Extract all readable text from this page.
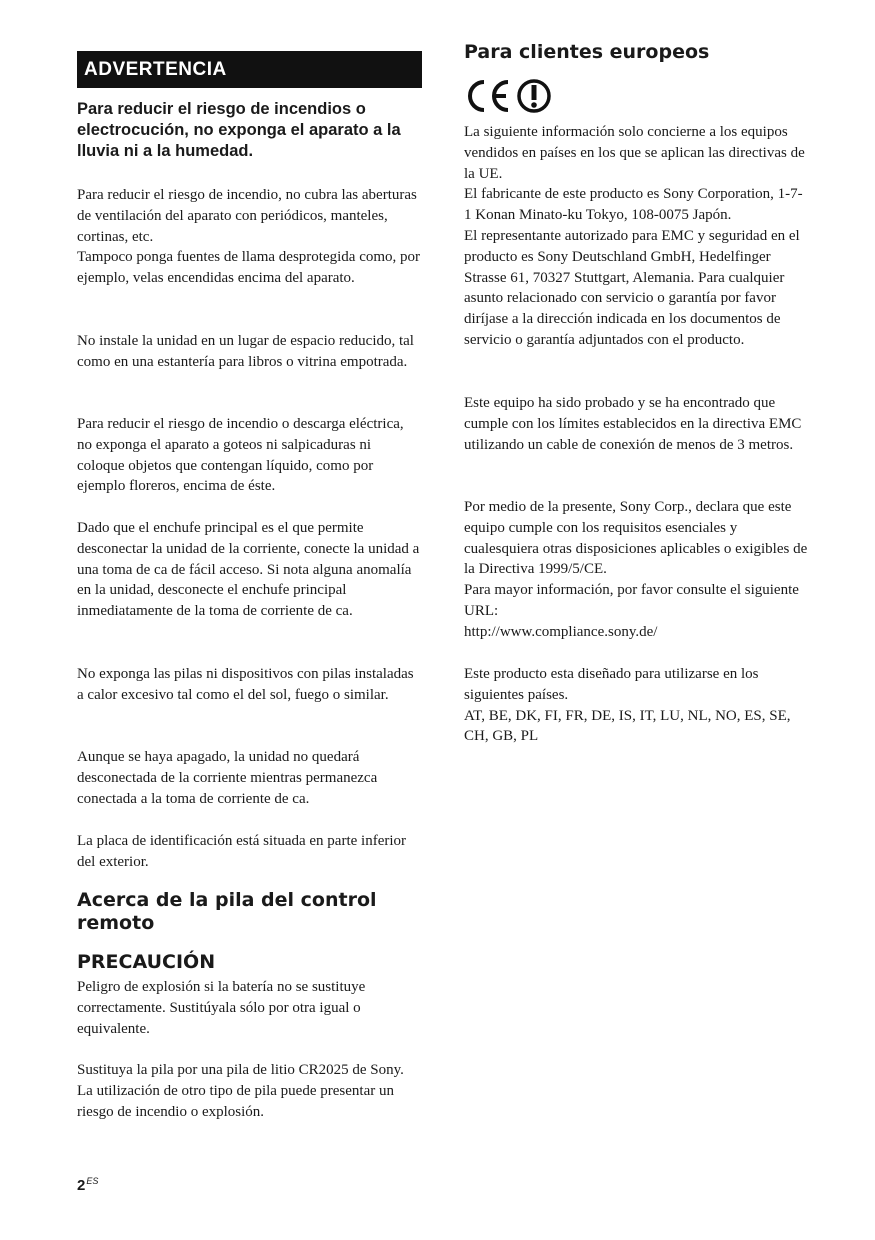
ADVERTENCIA
Para reducir el riesgo de incendios o electrocución, no exponga el aparato a la lluvia ni a la humedad.
Para reducir el riesgo de incendio, no cubra las aberturas de ventilación del aparato con periódicos, manteles, cortinas, etc.
Tampoco ponga fuentes de llama desprotegida como, por ejemplo, velas encendidas encima del aparato.
No instale la unidad en un lugar de espacio reducido, tal como en una estantería para libros o vitrina empotrada.
Para reducir el riesgo de incendio o descarga eléctrica, no exponga el aparato a goteos ni salpicaduras ni coloque objetos que contengan líquido, como por ejemplo floreros, encima de éste.
Dado que el enchufe principal es el que permite desconectar la unidad de la corriente, conecte la unidad a una toma de ca de fácil acceso. Si nota alguna anomalía en la unidad, desconecte el enchufe principal inmediatamente de la toma de corriente de ca.
No exponga las pilas ni dispositivos con pilas instaladas a calor excesivo tal como el del sol, fuego o similar.
Aunque se haya apagado, la unidad no quedará desconectada de la corriente mientras permanezca conectada a la toma de corriente de ca.
La placa de identificación está situada en parte inferior del exterior.
Acerca de la pila del control remoto
PRECAUCIÓN
Peligro de explosión si la batería no se sustituye correctamente. Sustitúyala sólo por otra igual o equivalente.
Sustituya la pila por una pila de litio CR2025 de Sony.
La utilización de otro tipo de pila puede presentar un riesgo de incendio o explosión.
Para clientes europeos
La siguiente información solo concierne a los equipos vendidos en países en los que se aplican las directivas de la UE.
El fabricante de este producto es Sony Corporation, 1-7-1 Konan Minato-ku Tokyo, 108-0075 Japón.
El representante autorizado para EMC y seguridad en el producto es Sony Deutschland GmbH, Hedelfinger Strasse 61, 70327 Stuttgart, Alemania. Para cualquier asunto relacionado con servicio o garantía por favor diríjase a la dirección indicada en los documentos de servicio o garantía adjuntados con el producto.
Este equipo ha sido probado y se ha encontrado que cumple con los límites establecidos en la directiva EMC utilizando un cable de conexión de menos de 3 metros.
Por medio de la presente, Sony Corp., declara que este equipo cumple con los requisitos esenciales y cualesquiera otras disposiciones aplicables o exigibles de la Directiva 1999/5/CE.
Para mayor información, por favor consulte el siguiente URL:
http://www.compliance.sony.de/
Este producto esta diseñado para utilizarse en los siguientes países.
AT, BE, DK, FI, FR, DE, IS, IT, LU, NL, NO, ES, SE, CH, GB, PL
$2^{ES}$
